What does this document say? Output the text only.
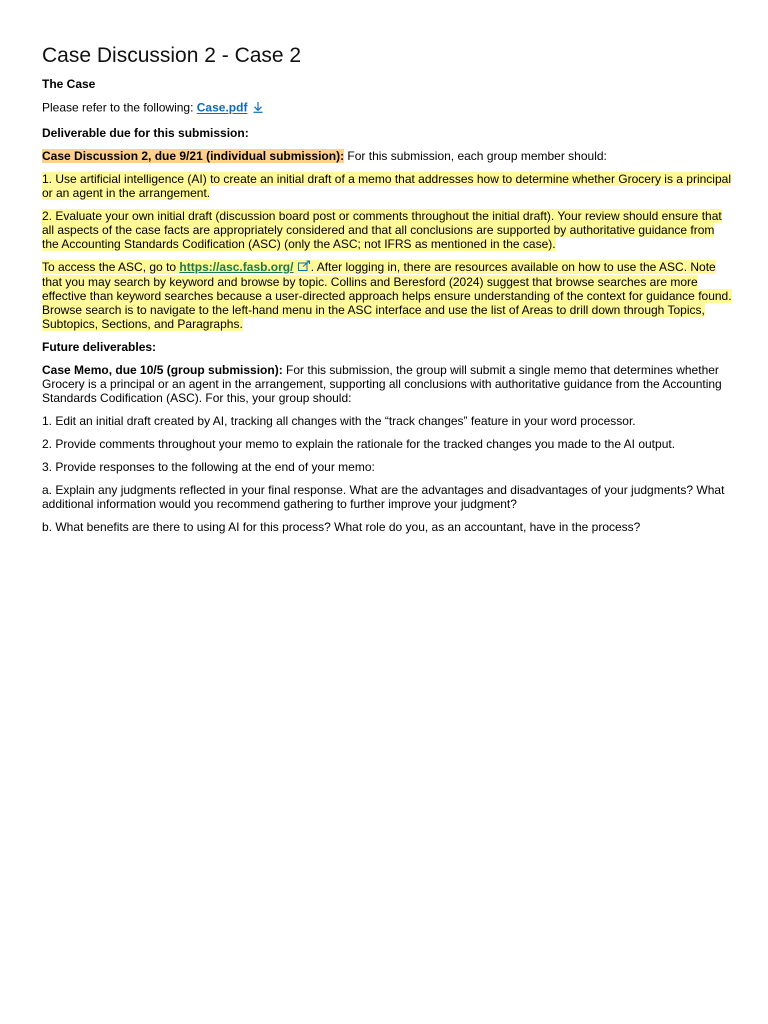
Case Discussion 2 - Case 2

The Case

Please refer to the following: Case.pdf

Deliverable due for this submission:

Case Discussion 2, due 9/21 (individual submission): For this submission, each group member should:

1. Use artificial intelligence (AI) to create an initial draft of a memo that addresses how to determine whether Grocery is a principal or an agent in the arrangement.

2. Evaluate your own initial draft (discussion board post or comments throughout the initial draft). Your review should ensure that all aspects of the case facts are appropriately considered and that all conclusions are supported by authoritative guidance from the Accounting Standards Codification (ASC) (only the ASC; not IFRS as mentioned in the case).

To access the ASC, go to https://asc.fasb.org/ . After logging in, there are resources available on how to use the ASC. Note that you may search by keyword and browse by topic. Collins and Beresford (2024) suggest that browse searches are more effective than keyword searches because a user-directed approach helps ensure understanding of the context for guidance found. Browse search is to navigate to the left-hand menu in the ASC interface and use the list of Areas to drill down through Topics, Subtopics, Sections, and Paragraphs.

Future deliverables:

Case Memo, due 10/5 (group submission): For this submission, the group will submit a single memo that determines whether Grocery is a principal or an agent in the arrangement, supporting all conclusions with authoritative guidance from the Accounting Standards Codification (ASC). For this, your group should:

1. Edit an initial draft created by AI, tracking all changes with the “track changes” feature in your word processor.

2. Provide comments throughout your memo to explain the rationale for the tracked changes you made to the AI output.

3. Provide responses to the following at the end of your memo:

a. Explain any judgments reflected in your final response. What are the advantages and disadvantages of your judgments? What additional information would you recommend gathering to further improve your judgment?

b. What benefits are there to using AI for this process? What role do you, as an accountant, have in the process?
